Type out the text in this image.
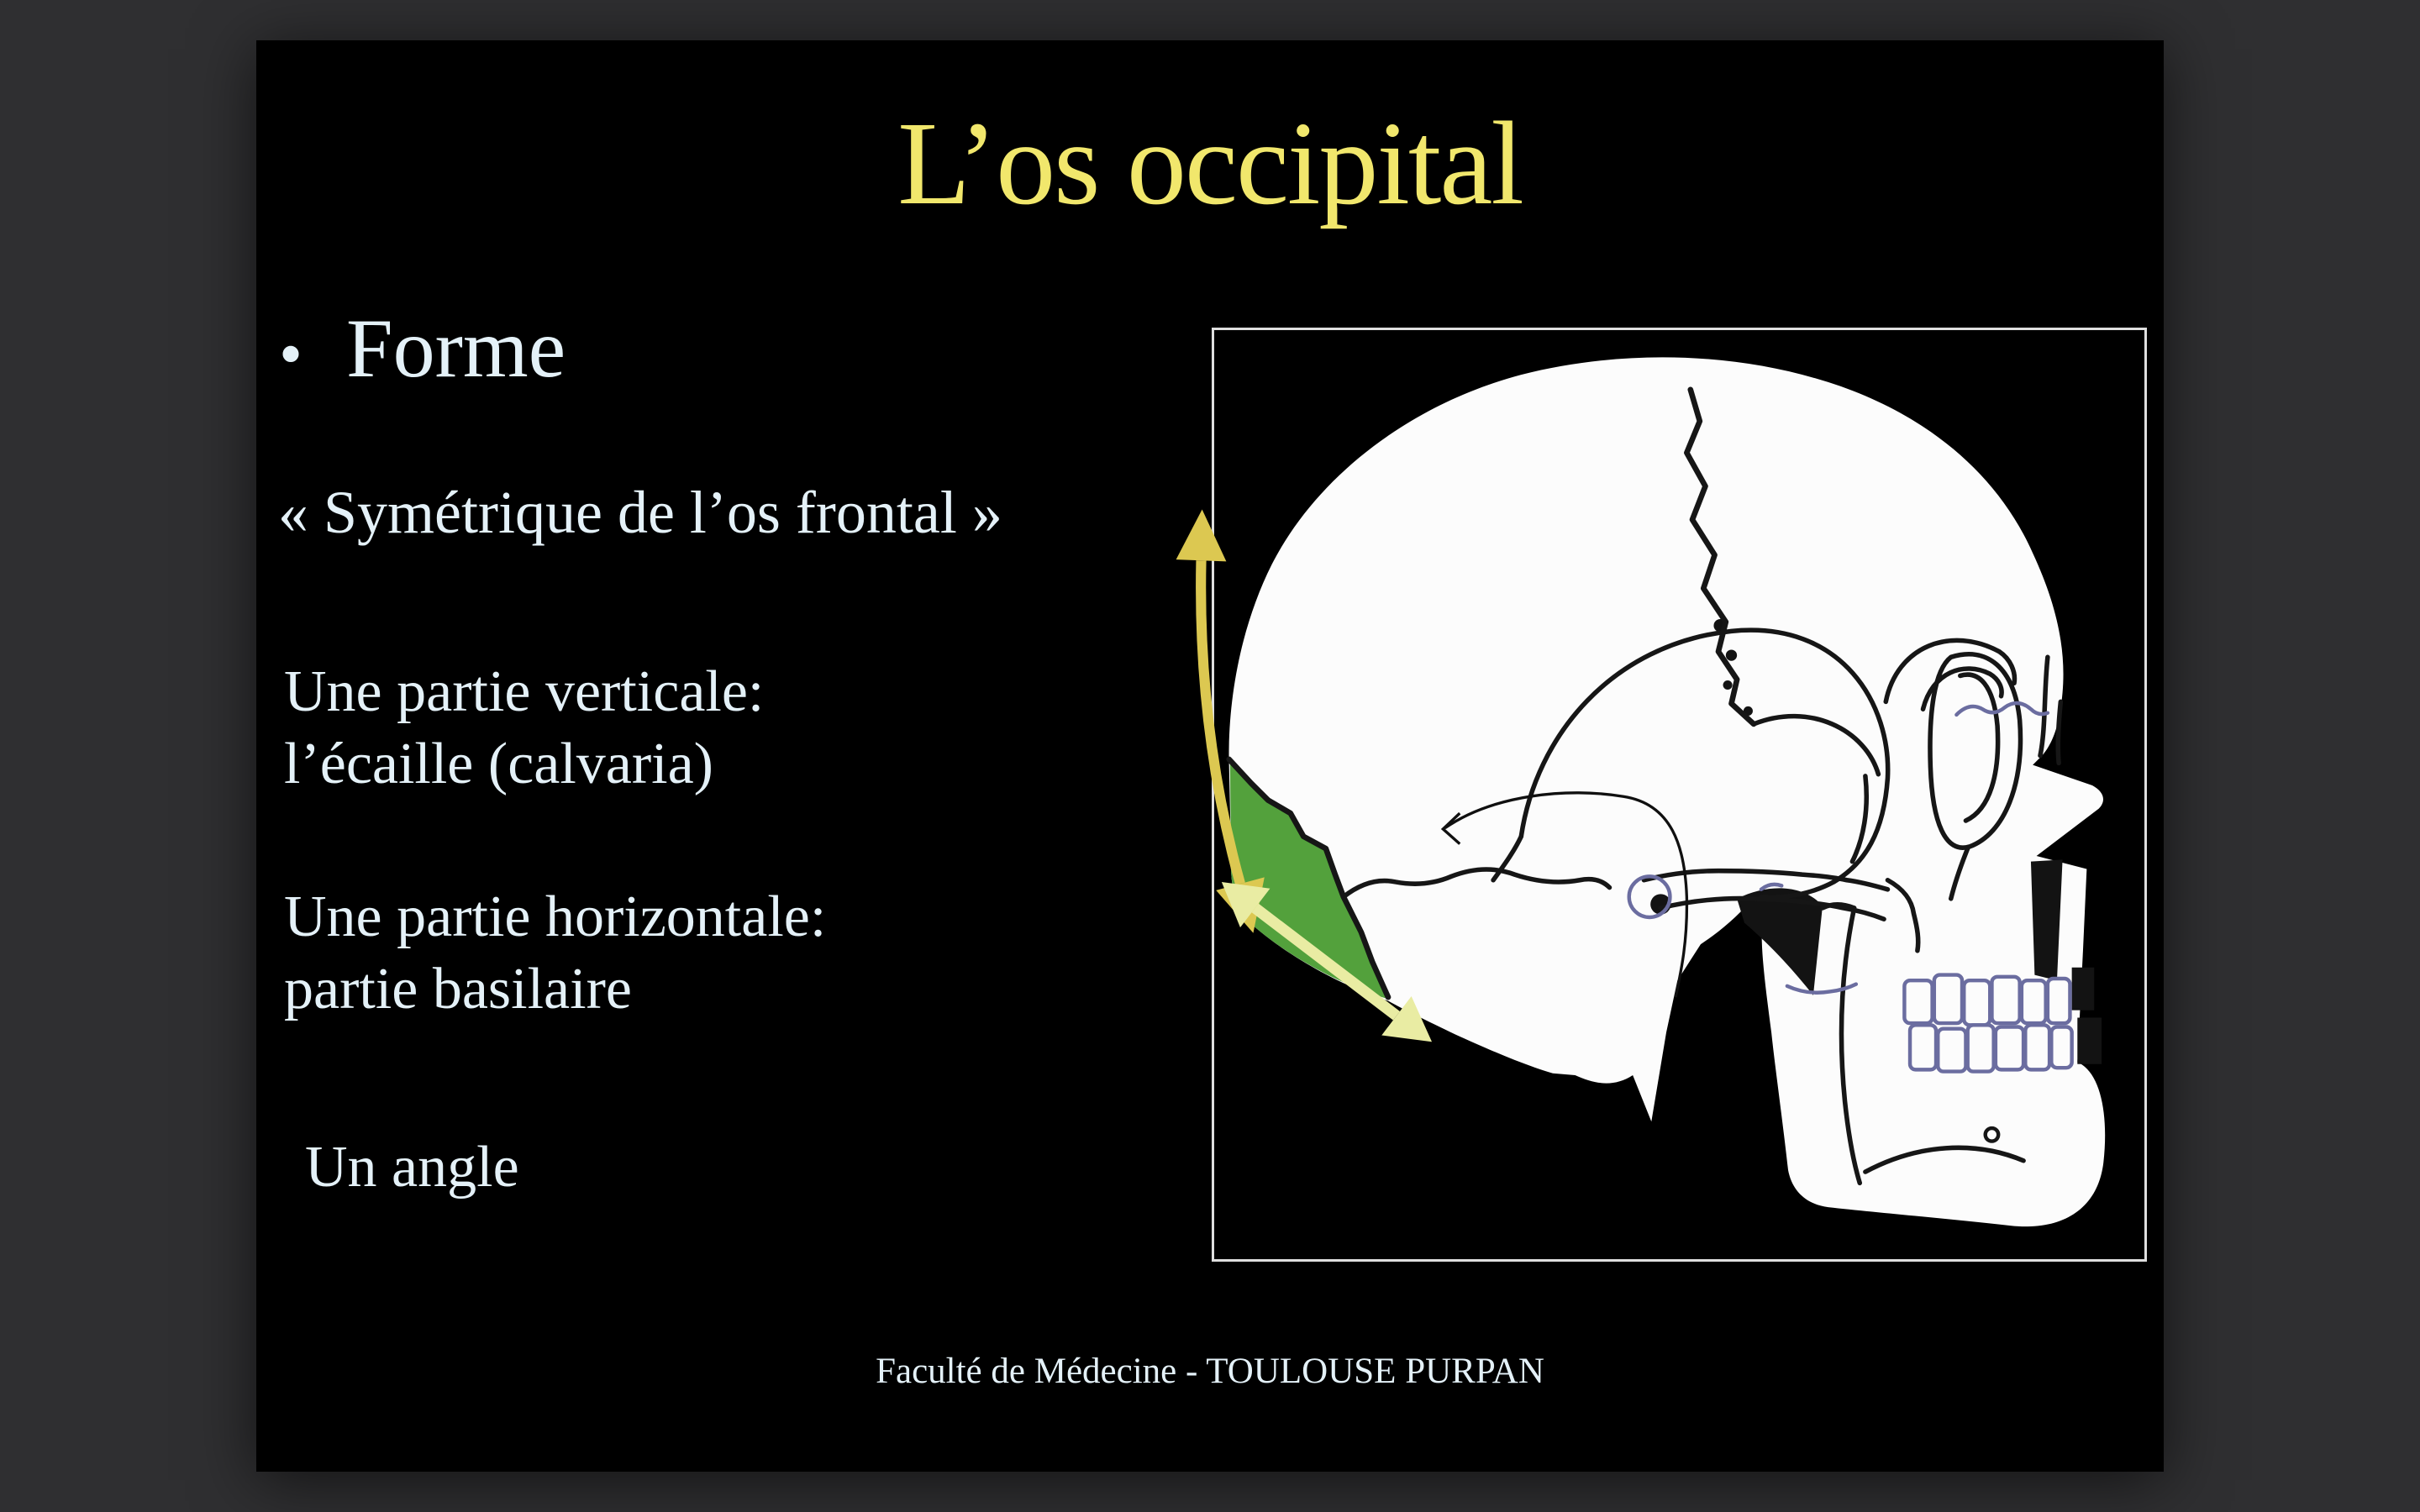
L’os occipital
• Forme
« Symétrique de l’os frontal »
Une partie verticale:
l’écaille (calvaria)
Une partie horizontale:
partie basilaire
Un angle
Faculté de Médecine - TOULOUSE PURPAN
